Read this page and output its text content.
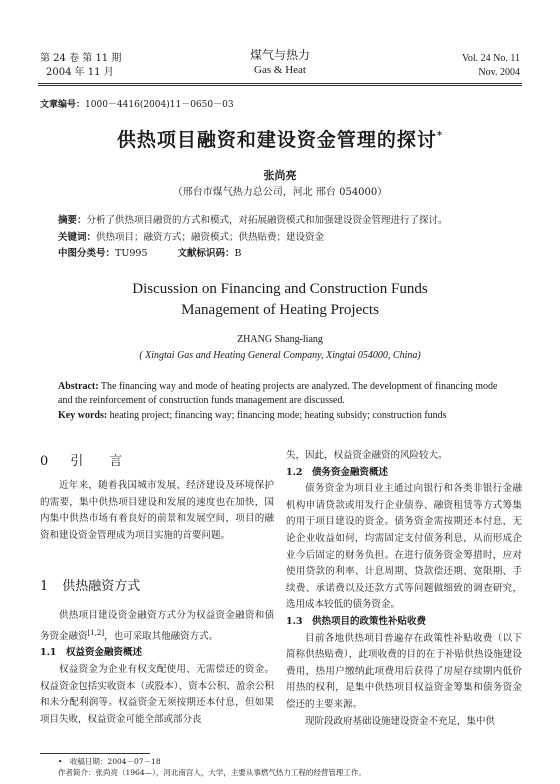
第 24 卷 第 11 期
2004 年 11 月
煤气与热力
Gas & Heat
Vol. 24 No. 11
Nov. 2004
文章编号：1000－4416(2004)11－0650－03
供热项目融资和建设资金管理的探讨*
张尚亮
（邢台市煤气热力总公司，河北 邢台 054000）
摘要：分析了供热项目融资的方式和模式，对拓展融资模式和加强建设资金管理进行了探讨。
关键词：供热项目；融资方式；融资模式；供热贴费；建设资金
中图分类号：TU995	文献标识码：B
Discussion on Financing and Construction Funds
Management of Heating Projects
ZHANG Shang-liang
( Xingtai Gas and Heating General Company, Xingtai 054000, China)
Abstract: The financing way and mode of heating projects are analyzed. The development of financing mode and the reinforcement of construction funds management are discussed.
Key words: heating project; financing way; financing mode; heating subsidy; construction funds
0 引　　言

近年来，随着我国城市发展、经济建设及环境保护的需要，集中供热项目建设和发展的速度也在加快，国内集中供热市场有着良好的前景和发展空间，项目的融资和建设资金管理成为项目实施的首要问题。

1 供热融资方式

供热项目建设资金融资方式分为权益资金融资和债务资金融资[1,2]，也可采取其他融资方式。

1.1　权益资金融资概述

权益资金为企业有权支配使用、无需偿还的资金。权益资金包括实收资本（或股本）、资本公积、盈余公积和未分配利润等。权益资金无须按期还本付息，但如果项目失败，权益资金可能全部或部分丧

失，因此，权益资金融资的风险较大。

1.2　债务资金融资概述

债务资金为项目业主通过向银行和各类非银行金融机构申请贷款或用发行企业债券、融资租赁等方式筹集的用于项目建设的资金。债务资金需按期还本付息，无论企业收益如何，均需固定支付债务利息，从而形成企业今后固定的财务负担。在进行债务资金筹措时，应对使用贷款的利率、计息周期、贷款偿还期、宽限期、手续费、承诺费以及还款方式等问题做细致的调查研究，选用成本较低的债务资金。

1.3　供热项目的政策性补贴收费

目前各地供热项目普遍存在政策性补贴收费（以下简称供热贴费），此项收费的目的在于补贴供热设施建设费用，热用户缴纳此项费用后获得了房屋存续期内低价用热的权利，是集中供热项目权益资金筹集和债务资金偿还的主要来源。

现阶段政府基础设施建设资金不充足，集中供

•　收稿日期：2004－07－18
作者简介：张尚亮（1964—），河北南宫人，大学，主要从事燃气热力工程的经营管理工作。
